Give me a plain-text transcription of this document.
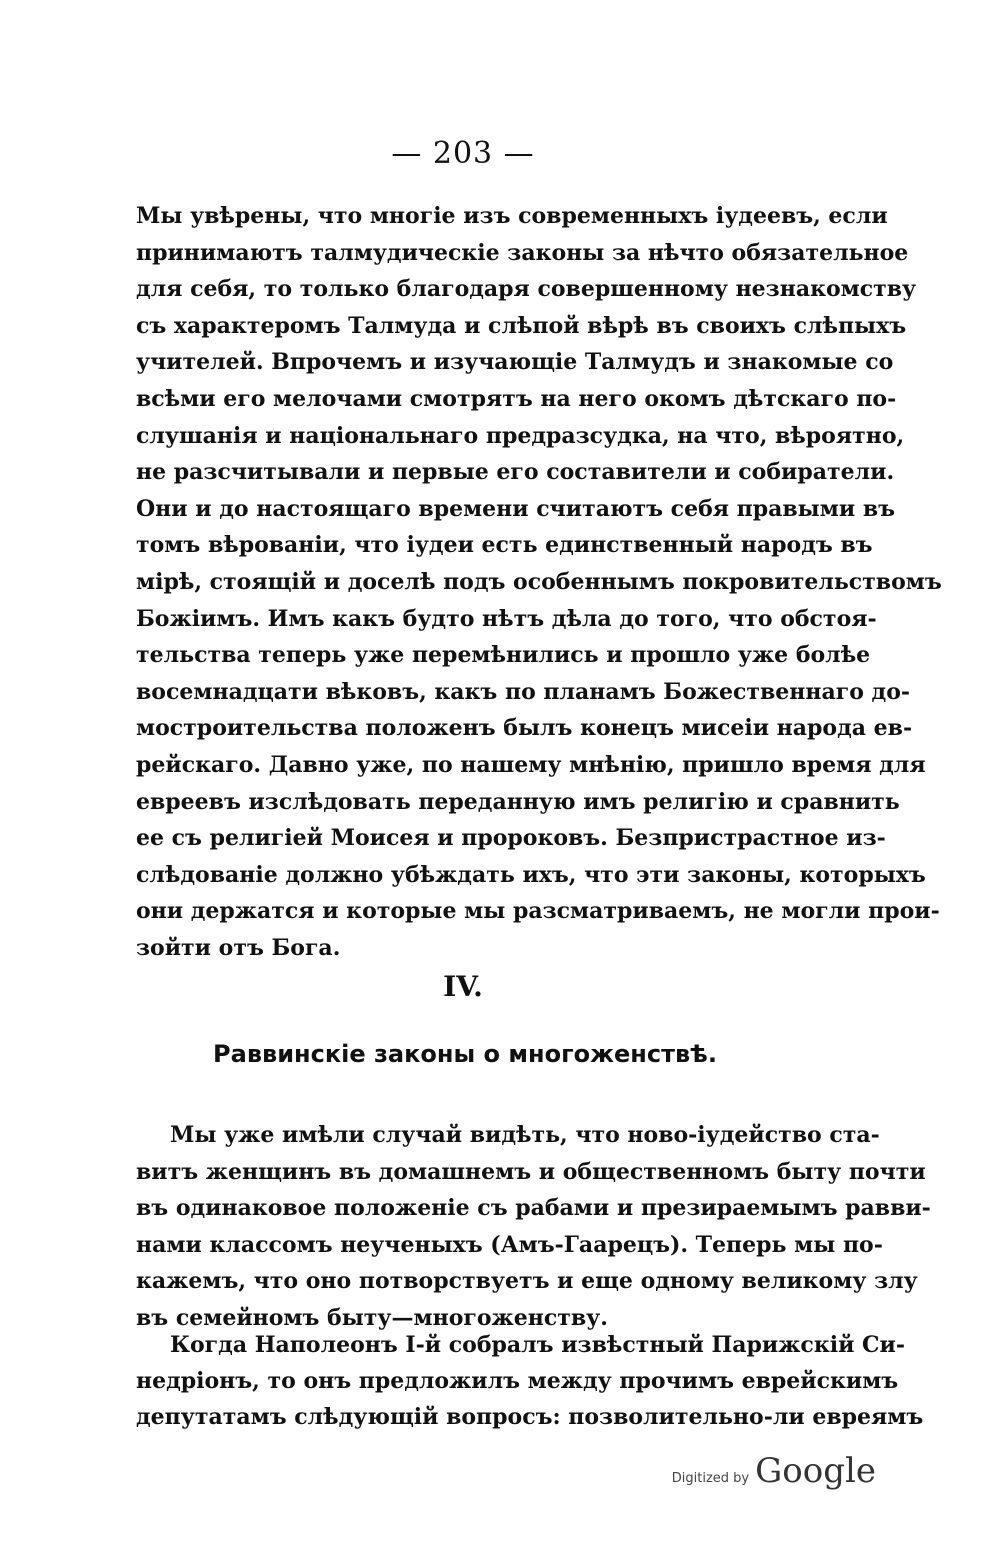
— 203 —
Мы увѣрены, что многіе изъ современныхъ іудеевъ, если
принимаютъ талмудическіе законы за нѣчто обязательное
для себя, то только благодаря совершенному незнакомству
съ характеромъ Талмуда и слѣпой вѣрѣ въ своихъ слѣпыхъ
учителей. Впрочемъ и изучающіе Талмудъ и знакомые со
всѣми его мелочами смотрятъ на него окомъ дѣтскаго по-
слушанія и національнаго предразсудка, на что, вѣроятно,
не разсчитывали и первые его составители и собиратели.
Они и до настоящаго времени считаютъ себя правыми въ
томъ вѣрованіи, что іудеи есть единственный народъ въ
мірѣ, стоящій и доселѣ подъ особеннымъ покровительствомъ
Божіимъ. Имъ какъ будто нѣтъ дѣла до того, что обстоя-
тельства теперь уже перемѣнились и прошло уже болѣе
восемнадцати вѣковъ, какъ по планамъ Божественнаго до-
мостроительства положенъ былъ конецъ мисеіи народа ев-
рейскаго. Давно уже, по нашему мнѣнію, пришло время для
евреевъ изслѣдовать переданную имъ религію и сравнить
ее съ религіей Моисея и пророковъ. Безпристрастное из-
слѣдованіе должно убѣждать ихъ, что эти законы, которыхъ
они держатся и которые мы разсматриваемъ, не могли прои-
зойти отъ Бога.
IV.
Раввинскіе законы о многоженствѣ.
Мы уже имѣли случай видѣть, что ново-іудейство ста-
витъ женщинъ въ домашнемъ и общественномъ быту почти
въ одинаковое положеніе съ рабами и презираемымъ равви-
нами классомъ неученыхъ (Амъ-Гаарецъ). Теперь мы по-
кажемъ, что оно потворствуетъ и еще одному великому злу
въ семейномъ быту—многоженству.
Когда Наполеонъ I-й собралъ извѣстный Парижскій Си-
недріонъ, то онъ предложилъ между прочимъ еврейскимъ
депутатамъ слѣдующій вопросъ: позволительно-ли евреямъ
Digitized by Google
